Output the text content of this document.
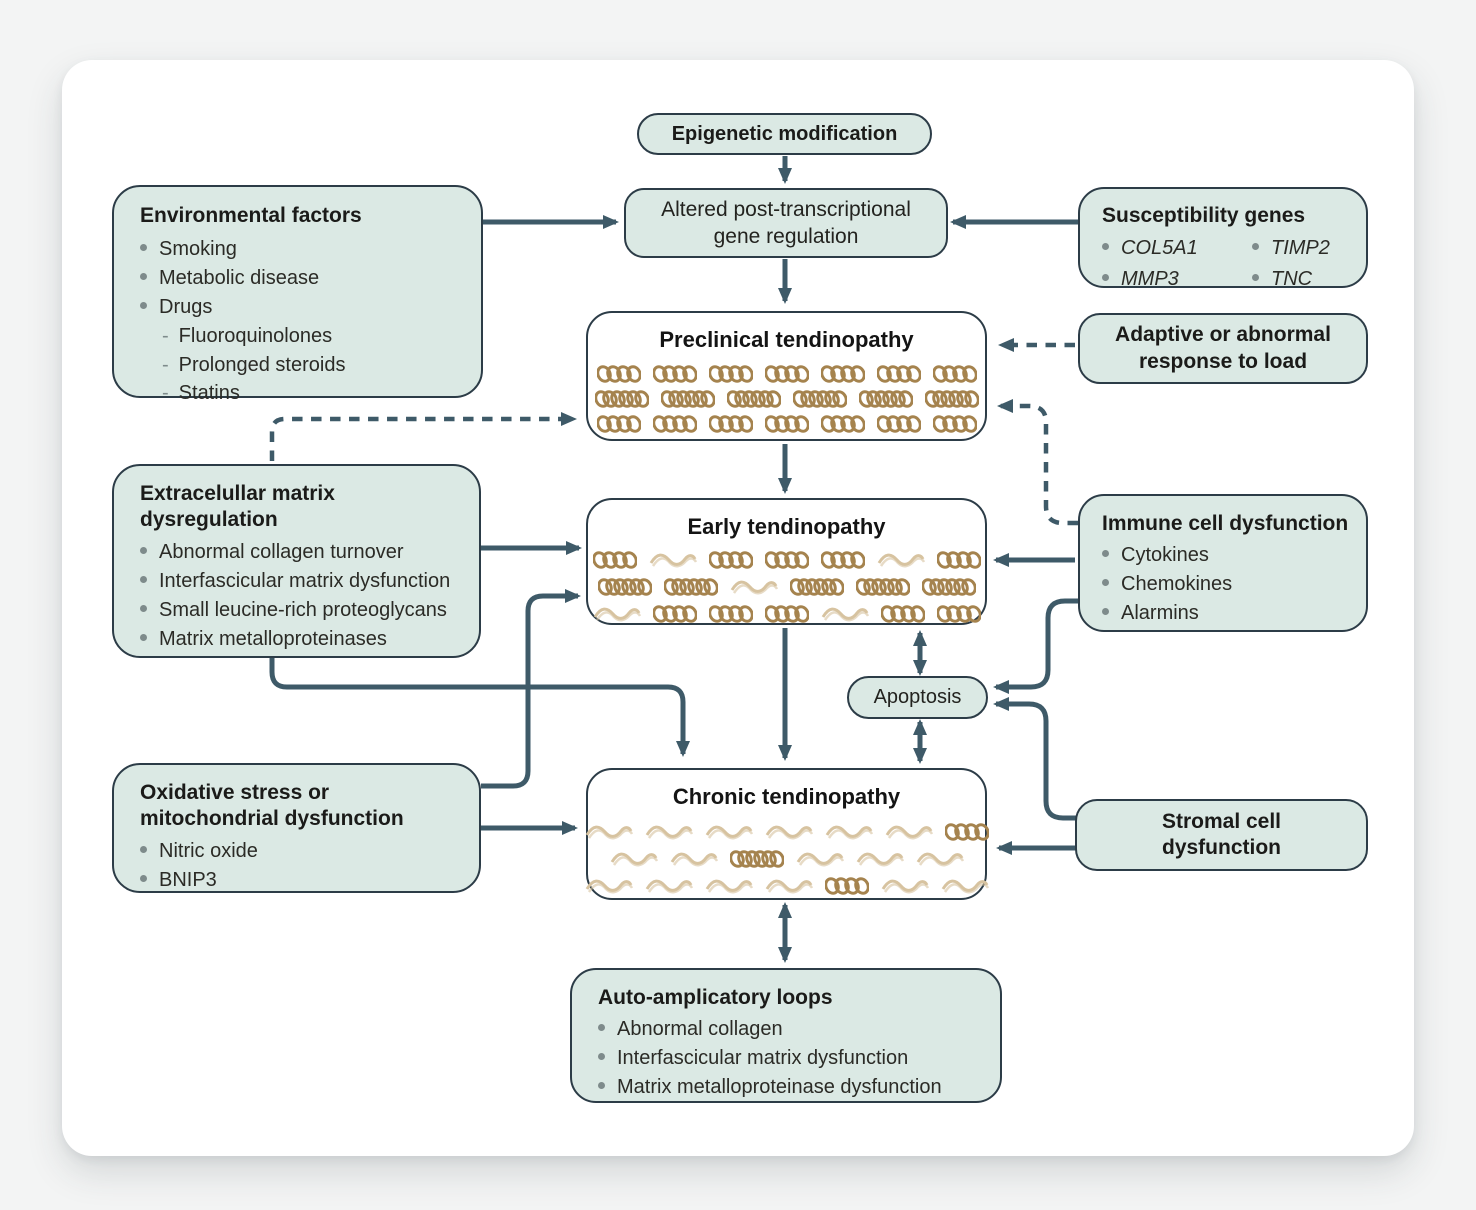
Epigenetic modification
Altered post-transcriptional gene regulation
Environmental factors
Smoking
Metabolic disease
Drugs
- Fluoroquinolones
- Prolonged steroids
- Statins
Susceptibility genes
COL5A1	TIMP2
MMP3	TNC
Preclinical tendinopathy	Adaptive or abnormal response to load
Extracelullar matrix dysregulation
Abnormal collagen turnover
Interfascicular matrix dysfunction
Small leucine-rich proteoglycans
Matrix metalloproteinases
Early tendinopathy	Immune cell dysfunction
Cytokines
Chemokines
Alarmins
Apoptosis
Oxidative stress or mitochondrial dysfunction
Nitric oxide
BNIP3
Chronic tendinopathy
Stromal cell dysfunction
Auto-amplicatory loops
Abnormal collagen
Interfascicular matrix dysfunction
Matrix metalloproteinase dysfunction
